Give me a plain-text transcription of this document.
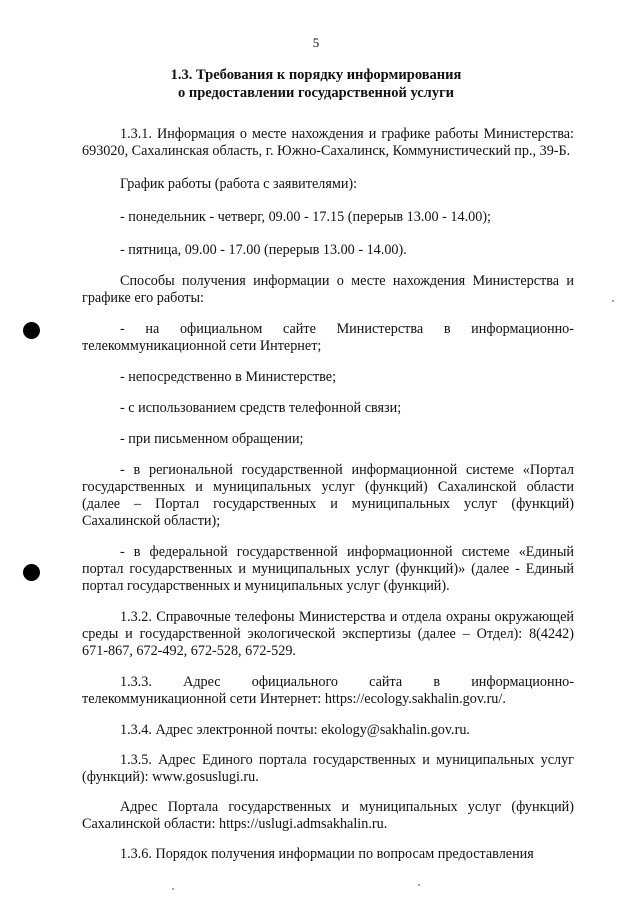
5
1.3. Требования к порядку информирования
о предоставлении государственной услуги

1.3.1. Информация о месте нахождения и графике работы Министерства: 693020, Сахалинская область, г. Южно-Сахалинск, Коммунистический пр., 39-Б.

График работы (работа с заявителями):

- понедельник - четверг, 09.00 - 17.15 (перерыв 13.00 - 14.00);

- пятница, 09.00 - 17.00 (перерыв 13.00 - 14.00).

Способы получения информации о месте нахождения Министерства и графике его работы:

- на официальном сайте Министерства в информационно-телекоммуникационной сети Интернет;

- непосредственно в Министерстве;

- с использованием средств телефонной связи;

- при письменном обращении;

- в региональной государственной информационной системе «Портал государственных и муниципальных услуг (функций) Сахалинской области (далее – Портал государственных и муниципальных услуг (функций) Сахалинской области);

- в федеральной государственной информационной системе «Единый портал государственных и муниципальных услуг (функций)» (далее - Единый портал государственных и муниципальных услуг (функций).

1.3.2. Справочные телефоны Министерства и отдела охраны окружающей среды и государственной экологической экспертизы (далее – Отдел): 8(4242) 671-867, 672-492, 672-528, 672-529.

1.3.3. Адрес официального сайта в информационно-телекоммуникационной сети Интернет: https://ecology.sakhalin.gov.ru/.

1.3.4. Адрес электронной почты: ekology@sakhalin.gov.ru.

1.3.5. Адрес Единого портала государственных и муниципальных услуг (функций): www.gosuslugi.ru.

Адрес Портала государственных и муниципальных услуг (функций) Сахалинской области: https://uslugi.admsakhalin.ru.

1.3.6. Порядок получения информации по вопросам предоставления
